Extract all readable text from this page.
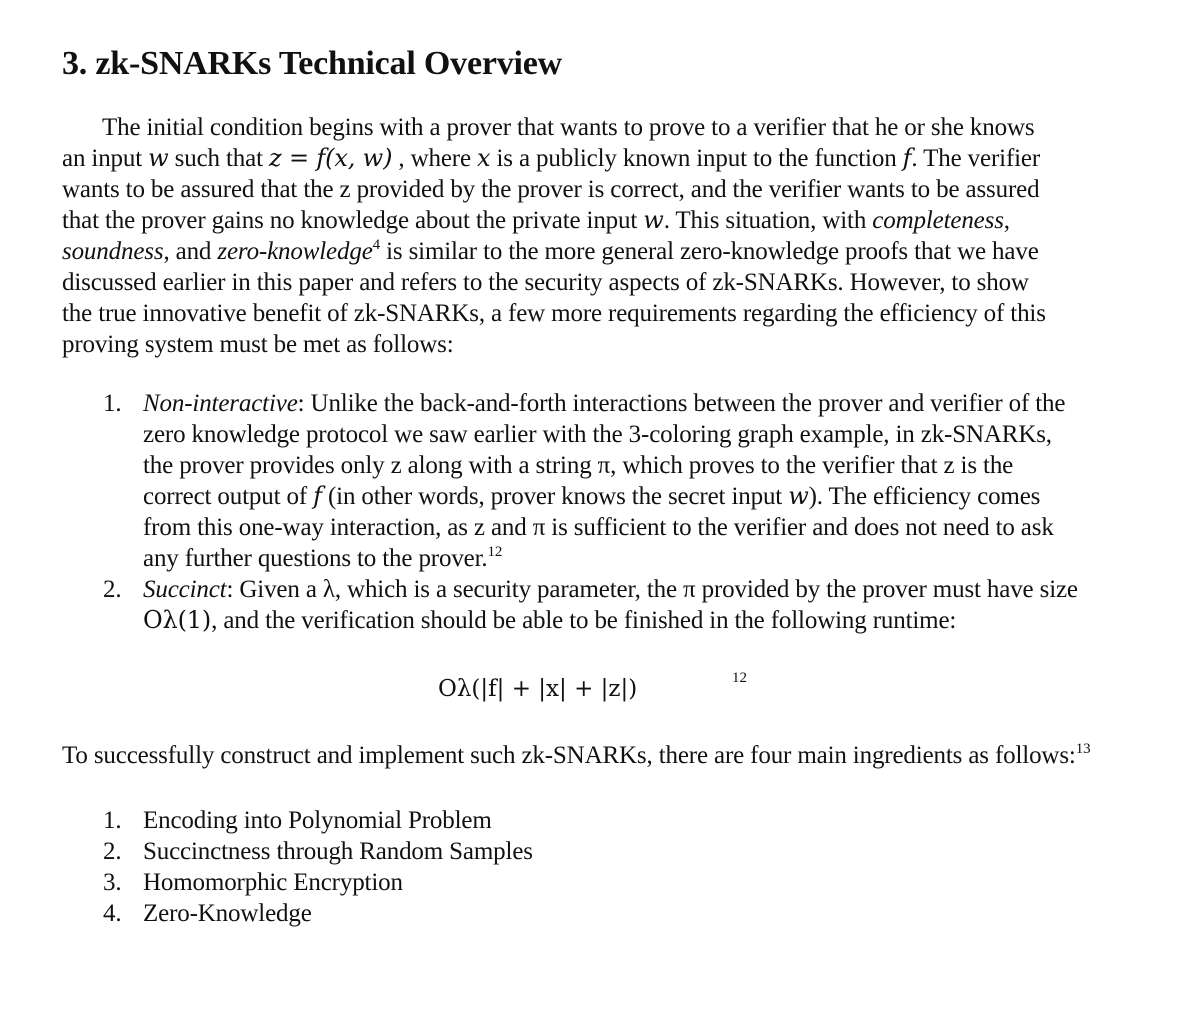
3. zk-SNARKs Technical Overview

The initial condition begins with a prover that wants to prove to a verifier that he or she knows an input w such that z = f(x, w) , where x is a publicly known input to the function f. The verifier wants to be assured that the z provided by the prover is correct, and the verifier wants to be assured that the prover gains no knowledge about the private input w. This situation, with completeness, soundness, and zero-knowledge$^4$ is similar to the more general zero-knowledge proofs that we have discussed earlier in this paper and refers to the security aspects of zk-SNARKs. However, to show the true innovative benefit of zk-SNARKs, a few more requirements regarding the efficiency of this proving system must be met as follows:

1. Non-interactive: Unlike the back-and-forth interactions between the prover and verifier of the zero knowledge protocol we saw earlier with the 3-coloring graph example, in zk-SNARKs, the prover provides only z along with a string π, which proves to the verifier that z is the correct output of f (in other words, prover knows the secret input w). The efficiency comes from this one-way interaction, as z and π is sufficient to the verifier and does not need to ask any further questions to the prover.$^{12}$
2. Succinct: Given a λ, which is a security parameter, the π provided by the prover must have size Oλ(1), and the verification should be able to be finished in the following runtime:
Oλ(|f| + |x| + |z|)	12

To successfully construct and implement such zk-SNARKs, there are four main ingredients as follows:$^{13}$

1. Encoding into Polynomial Problem
2. Succinctness through Random Samples
3. Homomorphic Encryption
4. Zero-Knowledge
